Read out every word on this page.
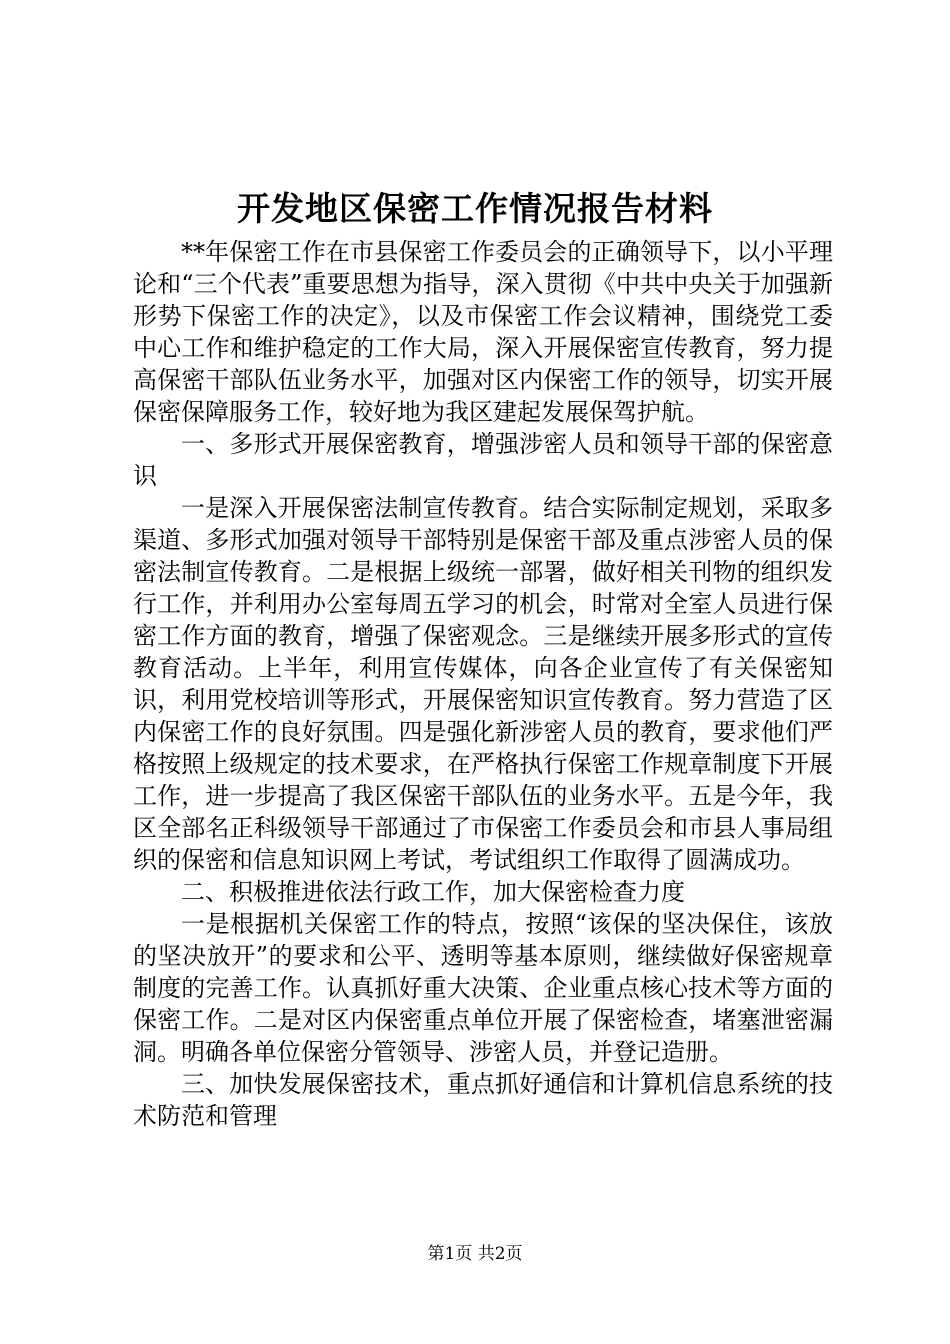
开发地区保密工作情况报告材料

**年保密工作在市县保密工作委员会的正确领导下，以小平理论和“三个代表”重要思想为指导，深入贯彻《中共中央关于加强新形势下保密工作的决定》，以及市保密工作会议精神，围绕党工委中心工作和维护稳定的工作大局，深入开展保密宣传教育，努力提高保密干部队伍业务水平，加强对区内保密工作的领导，切实开展保密保障服务工作，较好地为我区建起发展保驾护航。

一、多形式开展保密教育，增强涉密人员和领导干部的保密意识

一是深入开展保密法制宣传教育。结合实际制定规划，采取多渠道、多形式加强对领导干部特别是保密干部及重点涉密人员的保密法制宣传教育。二是根据上级统一部署，做好相关刊物的组织发行工作，并利用办公室每周五学习的机会，时常对全室人员进行保密工作方面的教育，增强了保密观念。三是继续开展多形式的宣传教育活动。上半年，利用宣传媒体，向各企业宣传了有关保密知识，利用党校培训等形式，开展保密知识宣传教育。努力营造了区内保密工作的良好氛围。四是强化新涉密人员的教育，要求他们严格按照上级规定的技术要求，在严格执行保密工作规章制度下开展工作，进一步提高了我区保密干部队伍的业务水平。五是今年，我区全部名正科级领导干部通过了市保密工作委员会和市县人事局组织的保密和信息知识网上考试，考试组织工作取得了圆满成功。

二、积极推进依法行政工作，加大保密检查力度

一是根据机关保密工作的特点，按照“该保的坚决保住，该放的坚决放开”的要求和公平、透明等基本原则，继续做好保密规章制度的完善工作。认真抓好重大决策、企业重点核心技术等方面的保密工作。二是对区内保密重点单位开展了保密检查，堵塞泄密漏洞。明确各单位保密分管领导、涉密人员，并登记造册。

三、加快发展保密技术，重点抓好通信和计算机信息系统的技术防范和管理

第1页 共2页
